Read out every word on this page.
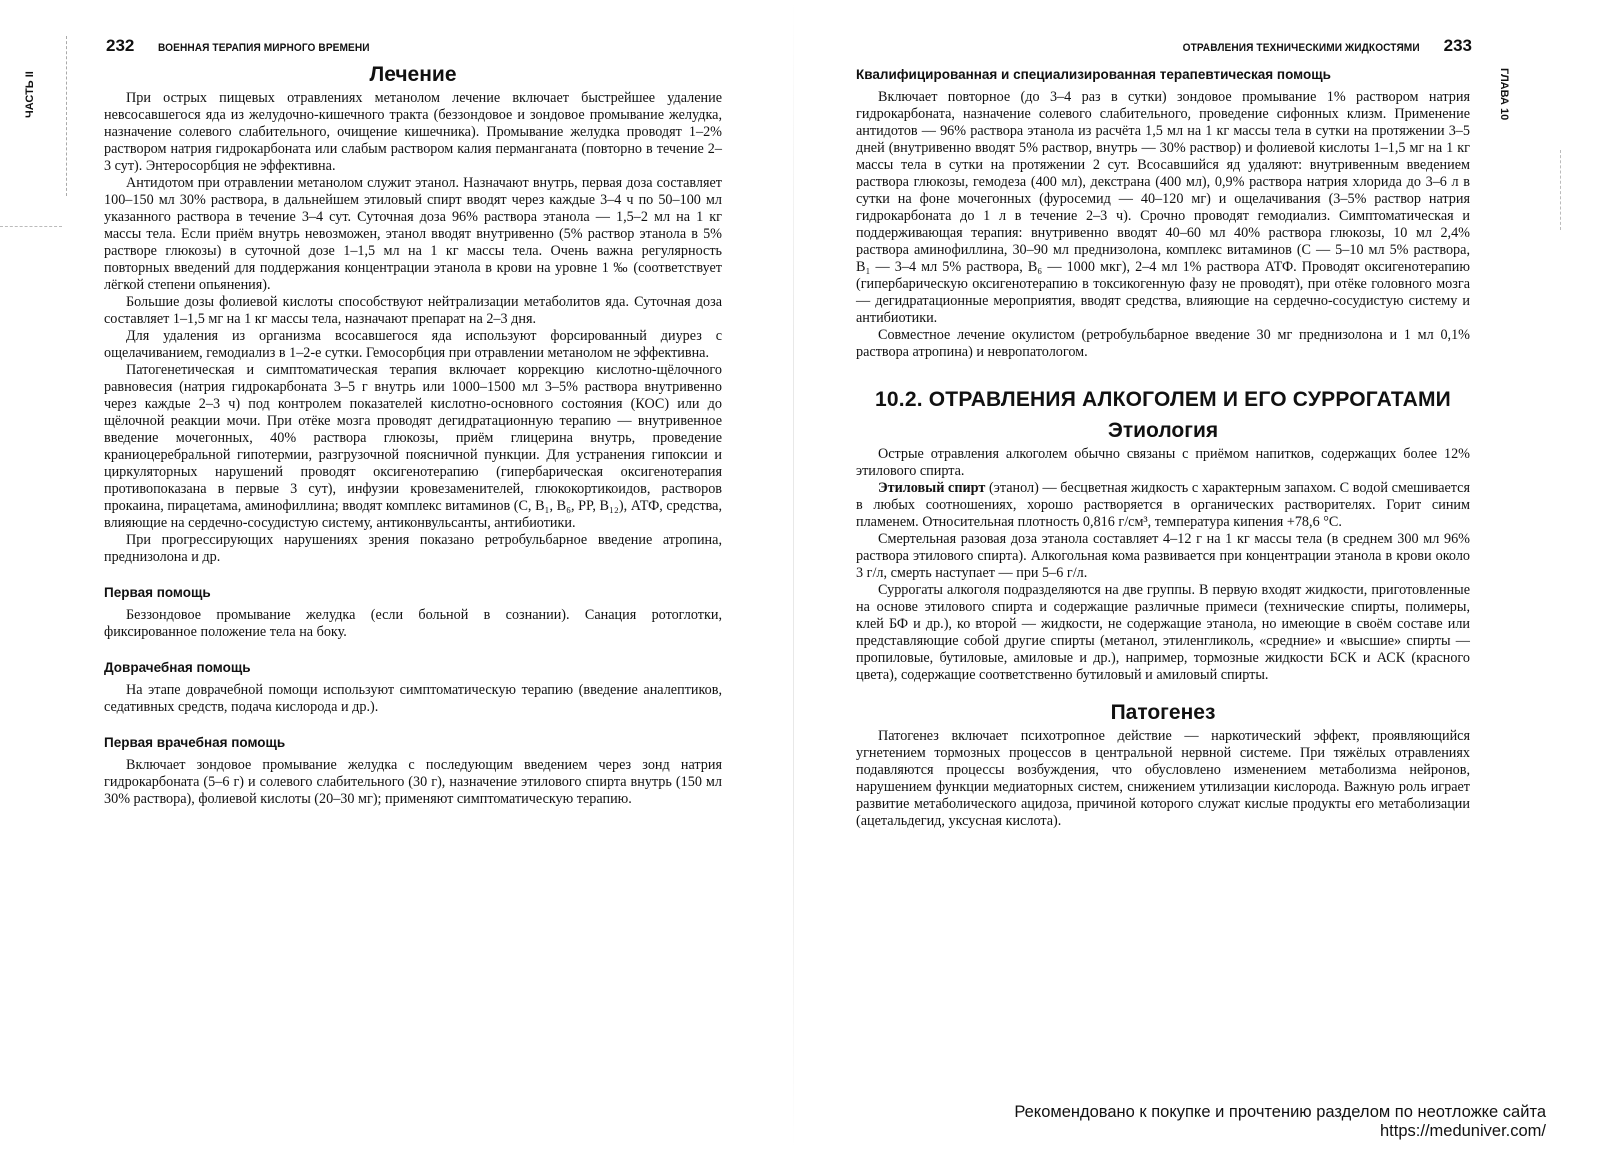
232 ВОЕННАЯ ТЕРАПИЯ МИРНОГО ВРЕМЕНИ
ЧАСТЬ II	Лечение

При острых пищевых отравлениях метанолом лечение включает быстрейшее удаление невсосавшегося яда из желудочно-кишечного тракта (беззондовое и зондовое промывание желудка, назначение солевого слабительного, очищение кишечника). Промывание желудка проводят 1–2% раствором натрия гидрокарбоната или слабым раствором калия перманганата (повторно в течение 2–3 сут). Энтеросорбция не эффективна.

Антидотом при отравлении метанолом служит этанол. Назначают внутрь, первая доза составляет 100–150 мл 30% раствора, в дальнейшем этиловый спирт вводят через каждые 3–4 ч по 50–100 мл указанного раствора в течение 3–4 сут. Суточная доза 96% раствора этанола — 1,5–2 мл на 1 кг массы тела. Если приём внутрь невозможен, этанол вводят внутривенно (5% раствор этанола в 5% растворе глюкозы) в суточной дозе 1–1,5 мл на 1 кг массы тела. Очень важна регулярность повторных введений для поддержания концентрации этанола в крови на уровне 1 ‰ (соответствует лёгкой степени опьянения).

Большие дозы фолиевой кислоты способствуют нейтрализации метаболитов яда. Суточная доза составляет 1–1,5 мг на 1 кг массы тела, назначают препарат на 2–3 дня.

Для удаления из организма всосавшегося яда используют форсированный диурез с ощелачиванием, гемодиализ в 1–2-е сутки. Гемосорбция при отравлении метанолом не эффективна.

Патогенетическая и симптоматическая терапия включает коррекцию кислотно-щёлочного равновесия (натрия гидрокарбоната 3–5 г внутрь или 1000–1500 мл 3–5% раствора внутривенно через каждые 2–3 ч) под контролем показателей кислотно-основного состояния (КОС) или до щёлочной реакции мочи. При отёке мозга проводят дегидратационную терапию — внутривенное введение мочегонных, 40% раствора глюкозы, приём глицерина внутрь, проведение краниоцеребральной гипотермии, разгрузочной поясничной пункции. Для устранения гипоксии и циркуляторных нарушений проводят оксигенотерапию (гипербарическая оксигенотерапия противопоказана в первые 3 сут), инфузии кровезаменителей, глюкокортикоидов, растворов прокаина, пирацетама, аминофиллина; вводят комплекс витаминов (C, B₁, B₆, PP, B₁₂), АТФ, средства, влияющие на сердечно-сосудистую систему, антиконвульсанты, антибиотики.

При прогрессирующих нарушениях зрения показано ретробульбарное введение атропина, преднизолона и др.

Первая помощь

Беззондовое промывание желудка (если больной в сознании). Санация ротоглотки, фиксированное положение тела на боку.

Доврачебная помощь

На этапе доврачебной помощи используют симптоматическую терапию (введение аналептиков, седативных средств, подача кислорода и др.).

Первая врачебная помощь

Включает зондовое промывание желудка с последующим введением через зонд натрия гидрокарбоната (5–6 г) и солевого слабительного (30 г), назначение этилового спирта внутрь (150 мл 30% раствора), фолиевой кислоты (20–30 мг); применяют симптоматическую терапию.

ОТРАВЛЕНИЯ ТЕХНИЧЕСКИМИ ЖИДКОСТЯМИ 233
ГЛАВА 10
Квалифицированная и специализированная терапевтическая помощь

Включает повторное (до 3–4 раз в сутки) зондовое промывание 1% раствором натрия гидрокарбоната, назначение солевого слабительного, проведение сифонных клизм. Применение антидотов — 96% раствора этанола из расчёта 1,5 мл на 1 кг массы тела в сутки на протяжении 3–5 дней (внутривенно вводят 5% раствор, внутрь — 30% раствор) и фолиевой кислоты 1–1,5 мг на 1 кг массы тела в сутки на протяжении 2 сут. Всосавшийся яд удаляют: внутривенным введением раствора глюкозы, гемодеза (400 мл), декстрана (400 мл), 0,9% раствора натрия хлорида до 3–6 л в сутки на фоне мочегонных (фуросемид — 40–120 мг) и ощелачивания (3–5% раствор натрия гидрокарбоната до 1 л в течение 2–3 ч). Срочно проводят гемодиализ. Симптоматическая и поддерживающая терапия: внутривенно вводят 40–60 мл 40% раствора глюкозы, 10 мл 2,4% раствора аминофиллина, 30–90 мл преднизолона, комплекс витаминов (C — 5–10 мл 5% раствора, B₁ — 3–4 мл 5% раствора, B₆ — 1000 мкг), 2–4 мл 1% раствора АТФ. Проводят оксигенотерапию (гипербарическую оксигенотерапию в токсикогенную фазу не проводят), при отёке головного мозга — дегидратационные мероприятия, вводят средства, влияющие на сердечно-сосудистую систему и антибиотики.

Совместное лечение окулистом (ретробульбарное введение 30 мг преднизолона и 1 мл 0,1% раствора атропина) и невропатологом.

10.2. ОТРАВЛЕНИЯ АЛКОГОЛЕМ И ЕГО СУРРОГАТАМИ
Этиология

Острые отравления алкоголем обычно связаны с приёмом напитков, содержащих более 12% этилового спирта.

Этиловый спирт (этанол) — бесцветная жидкость с характерным запахом. С водой смешивается в любых соотношениях, хорошо растворяется в органических растворителях. Горит синим пламенем. Относительная плотность 0,816 г/см³, температура кипения +78,6 °C.

Смертельная разовая доза этанола составляет 4–12 г на 1 кг массы тела (в среднем 300 мл 96% раствора этилового спирта). Алкогольная кома развивается при концентрации этанола в крови около 3 г/л, смерть наступает — при 5–6 г/л.

Суррогаты алкоголя подразделяются на две группы. В первую входят жидкости, приготовленные на основе этилового спирта и содержащие различные примеси (технические спирты, полимеры, клей БФ и др.), ко второй — жидкости, не содержащие этанола, но имеющие в своём составе или представляющие собой другие спирты (метанол, этиленгликоль, «средние» и «высшие» спирты — пропиловые, бутиловые, амиловые и др.), например, тормозные жидкости БСК и АСК (красного цвета), содержащие соответственно бутиловый и амиловый спирты.

Патогенез

Патогенез включает психотропное действие — наркотический эффект, проявляющийся угнетением тормозных процессов в центральной нервной системе. При тяжёлых отравлениях подавляются процессы возбуждения, что обусловлено изменением метаболизма нейронов, нарушением функции медиаторных систем, снижением утилизации кислорода. Важную роль играет развитие метаболического ацидоза, причиной которого служат кислые продукты его метаболизации (ацетальдегид, уксусная кислота).

Рекомендовано к покупке и прочтению разделом по неотложке сайта https://meduniver.com/
